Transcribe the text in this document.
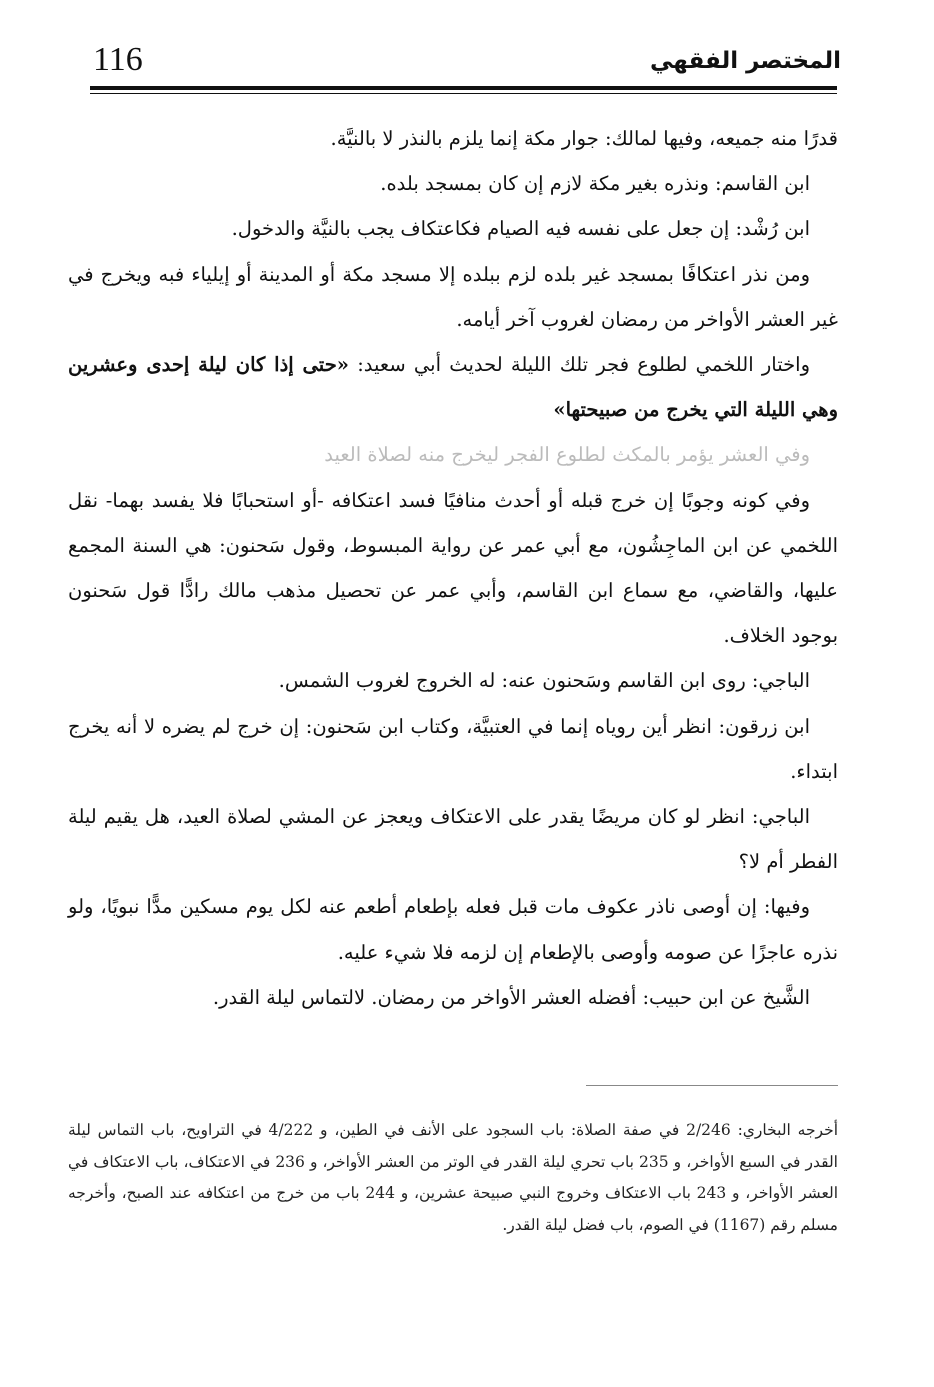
116	المختصر الفقهي

قدرًا منه جميعه، وفيها لمالك: جوار مكة إنما يلزم بالنذر لا بالنيَّة.

ابن القاسم: ونذره بغير مكة لازم إن كان بمسجد بلده.

ابن رُشْد: إن جعل على نفسه فيه الصيام فكاعتكاف يجب بالنيَّة والدخول.

ومن نذر اعتكافًا بمسجد غير بلده لزم ببلده إلا مسجد مكة أو المدينة أو إيلياء فبه ويخرج في غير العشر الأواخر من رمضان لغروب آخر أيامه.

واختار اللخمي لطلوع فجر تلك الليلة لحديث أبي سعيد: «حتى إذا كان ليلة إحدى وعشرين وهي الليلة التي يخرج من صبيحتها»

وفي العشر يؤمر بالمكث لطلوع الفجر ليخرج منه لصلاة العيد

وفي كونه وجوبًا إن خرج قبله أو أحدث منافيًا فسد اعتكافه -أو استحبابًا فلا يفسد بهما- نقل اللخمي عن ابن الماجِشُون، مع أبي عمر عن رواية المبسوط، وقول سَحنون: هي السنة المجمع عليها، والقاضي، مع سماع ابن القاسم، وأبي عمر عن تحصيل مذهب مالك رادًّا قول سَحنون بوجود الخلاف.

الباجي: روى ابن القاسم وسَحنون عنه: له الخروج لغروب الشمس.

ابن زرقون: انظر أين روياه إنما في العتبيَّة، وكتاب ابن سَحنون: إن خرج لم يضره لا أنه يخرج ابتداء.

الباجي: انظر لو كان مريضًا يقدر على الاعتكاف ويعجز عن المشي لصلاة العيد، هل يقيم ليلة الفطر أم لا؟

وفيها: إن أوصى ناذر عكوف مات قبل فعله بإطعام أطعم عنه لكل يوم مسكين مدًّا نبويًا، ولو نذره عاجزًا عن صومه وأوصى بالإطعام إن لزمه فلا شيء عليه.

الشَّيخ عن ابن حبيب: أفضله العشر الأواخر من رمضان. لالتماس ليلة القدر.

أخرجه البخاري: 2/246 في صفة الصلاة: باب السجود على الأنف في الطين، و 4/222 في التراويح، باب التماس ليلة القدر في السبع الأواخر، و 235 باب تحري ليلة القدر في الوتر من العشر الأواخر، و 236 في الاعتكاف، باب الاعتكاف في العشر الأواخر، و 243 باب الاعتكاف وخروج النبي صبيحة عشرين، و 244 باب من خرج من اعتكافه عند الصبح، وأخرجه مسلم رقم (1167) في الصوم، باب فضل ليلة القدر.
